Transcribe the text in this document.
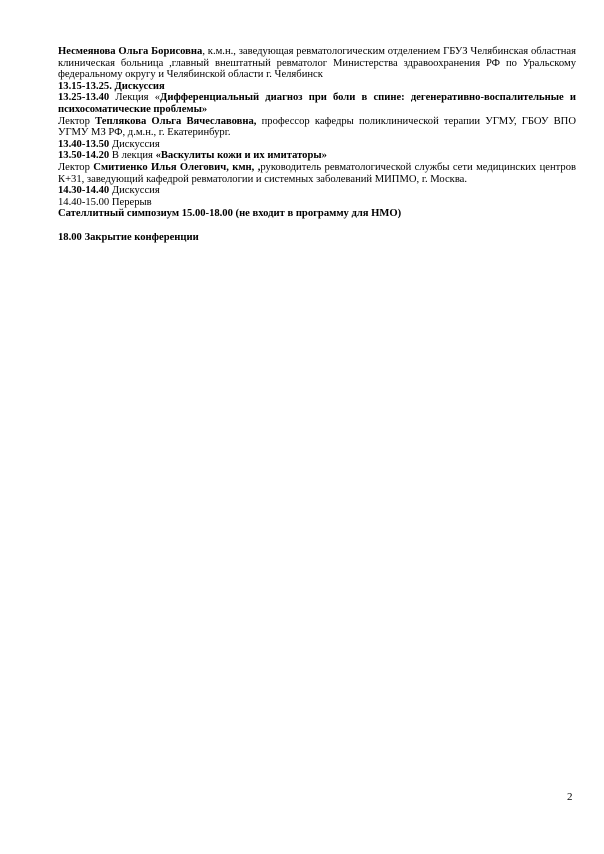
Несмеянова Ольга Борисовна, к.м.н., заведующая ревматологическим отделением ГБУЗ Челябинская областная клиническая больница ,главный внештатный ревматолог Министерства здравоохранения РФ по Уральскому федеральному округу и Челябинской области г. Челябинск

13.15-13.25. Дискуссия

13.25-13.40 Лекция «Дифференциальный диагноз при боли в спине: дегенеративно-воспалительные и психосоматические проблемы»

Лектор Теплякова Ольга Вячеславовна, профессор кафедры поликлинической терапии УГМУ, ГБОУ ВПО УГМУ МЗ РФ, д.м.н., г. Екатеринбург.

13.40-13.50 Дискуссия

13.50-14.20 В лекция «Васкулиты кожи и их имитаторы»

Лектор Смитиенко Илья Олегович, кмн, ,руководитель ревматологической службы сети медицинских центров К+31, заведующий кафедрой ревматологии и системных заболеваний МИПМО, г. Москва.

14.30-14.40 Дискуссия

14.40-15.00 Перерыв

Сателлитный симпозиум 15.00-18.00 (не входит в программу для НМО)

18.00 Закрытие конференции

2
